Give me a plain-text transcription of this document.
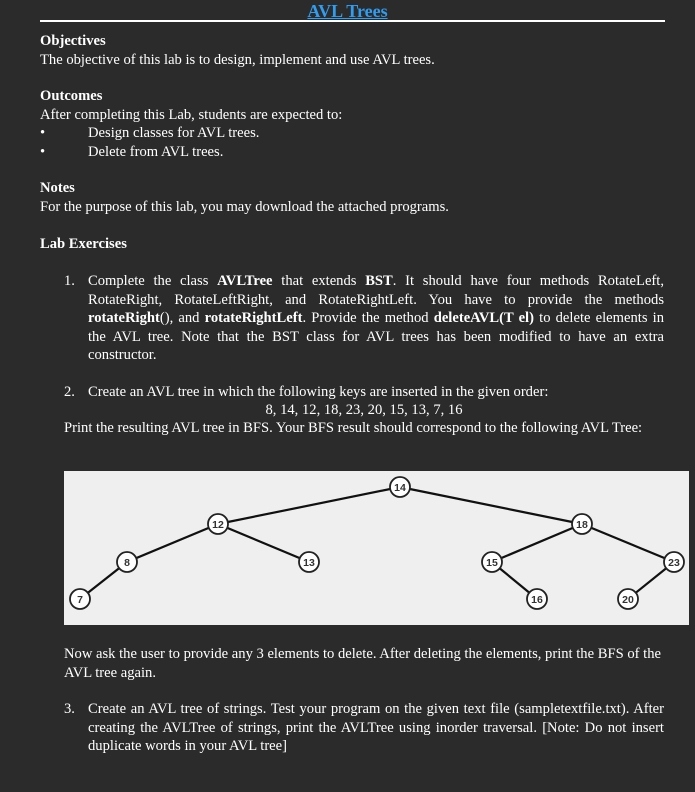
AVL Trees
Objectives
The objective of this lab is to design, implement and use AVL trees.
Outcomes
After completing this Lab, students are expected to:
•	Design classes for AVL trees.
•	Delete from AVL trees.
Notes
For the purpose of this lab, you may download the attached programs.
Lab Exercises
1. Complete the class AVLTree that extends BST. It should have four methods RotateLeft, RotateRight, RotateLeftRight, and RotateRightLeft. You have to provide the methods rotateRight(), and rotateRightLeft. Provide the method deleteAVL(T el) to delete elements in the AVL tree. Note that the BST class for AVL trees has been modified to have an extra constructor.
2. Create an AVL tree in which the following keys are inserted in the given order:
8, 14, 12, 18, 23, 20, 15, 13, 7, 16
Print the resulting AVL tree in BFS. Your BFS result should correspond to the following AVL Tree:
14
12	18
8	13	15	23
7	16	20
Now ask the user to provide any 3 elements to delete. After deleting the elements, print the BFS of the AVL tree again.
3. Create an AVL tree of strings. Test your program on the given text file (sampletextfile.txt). After creating the AVLTree of strings, print the AVLTree using inorder traversal. [Note: Do not insert duplicate words in your AVL tree]
